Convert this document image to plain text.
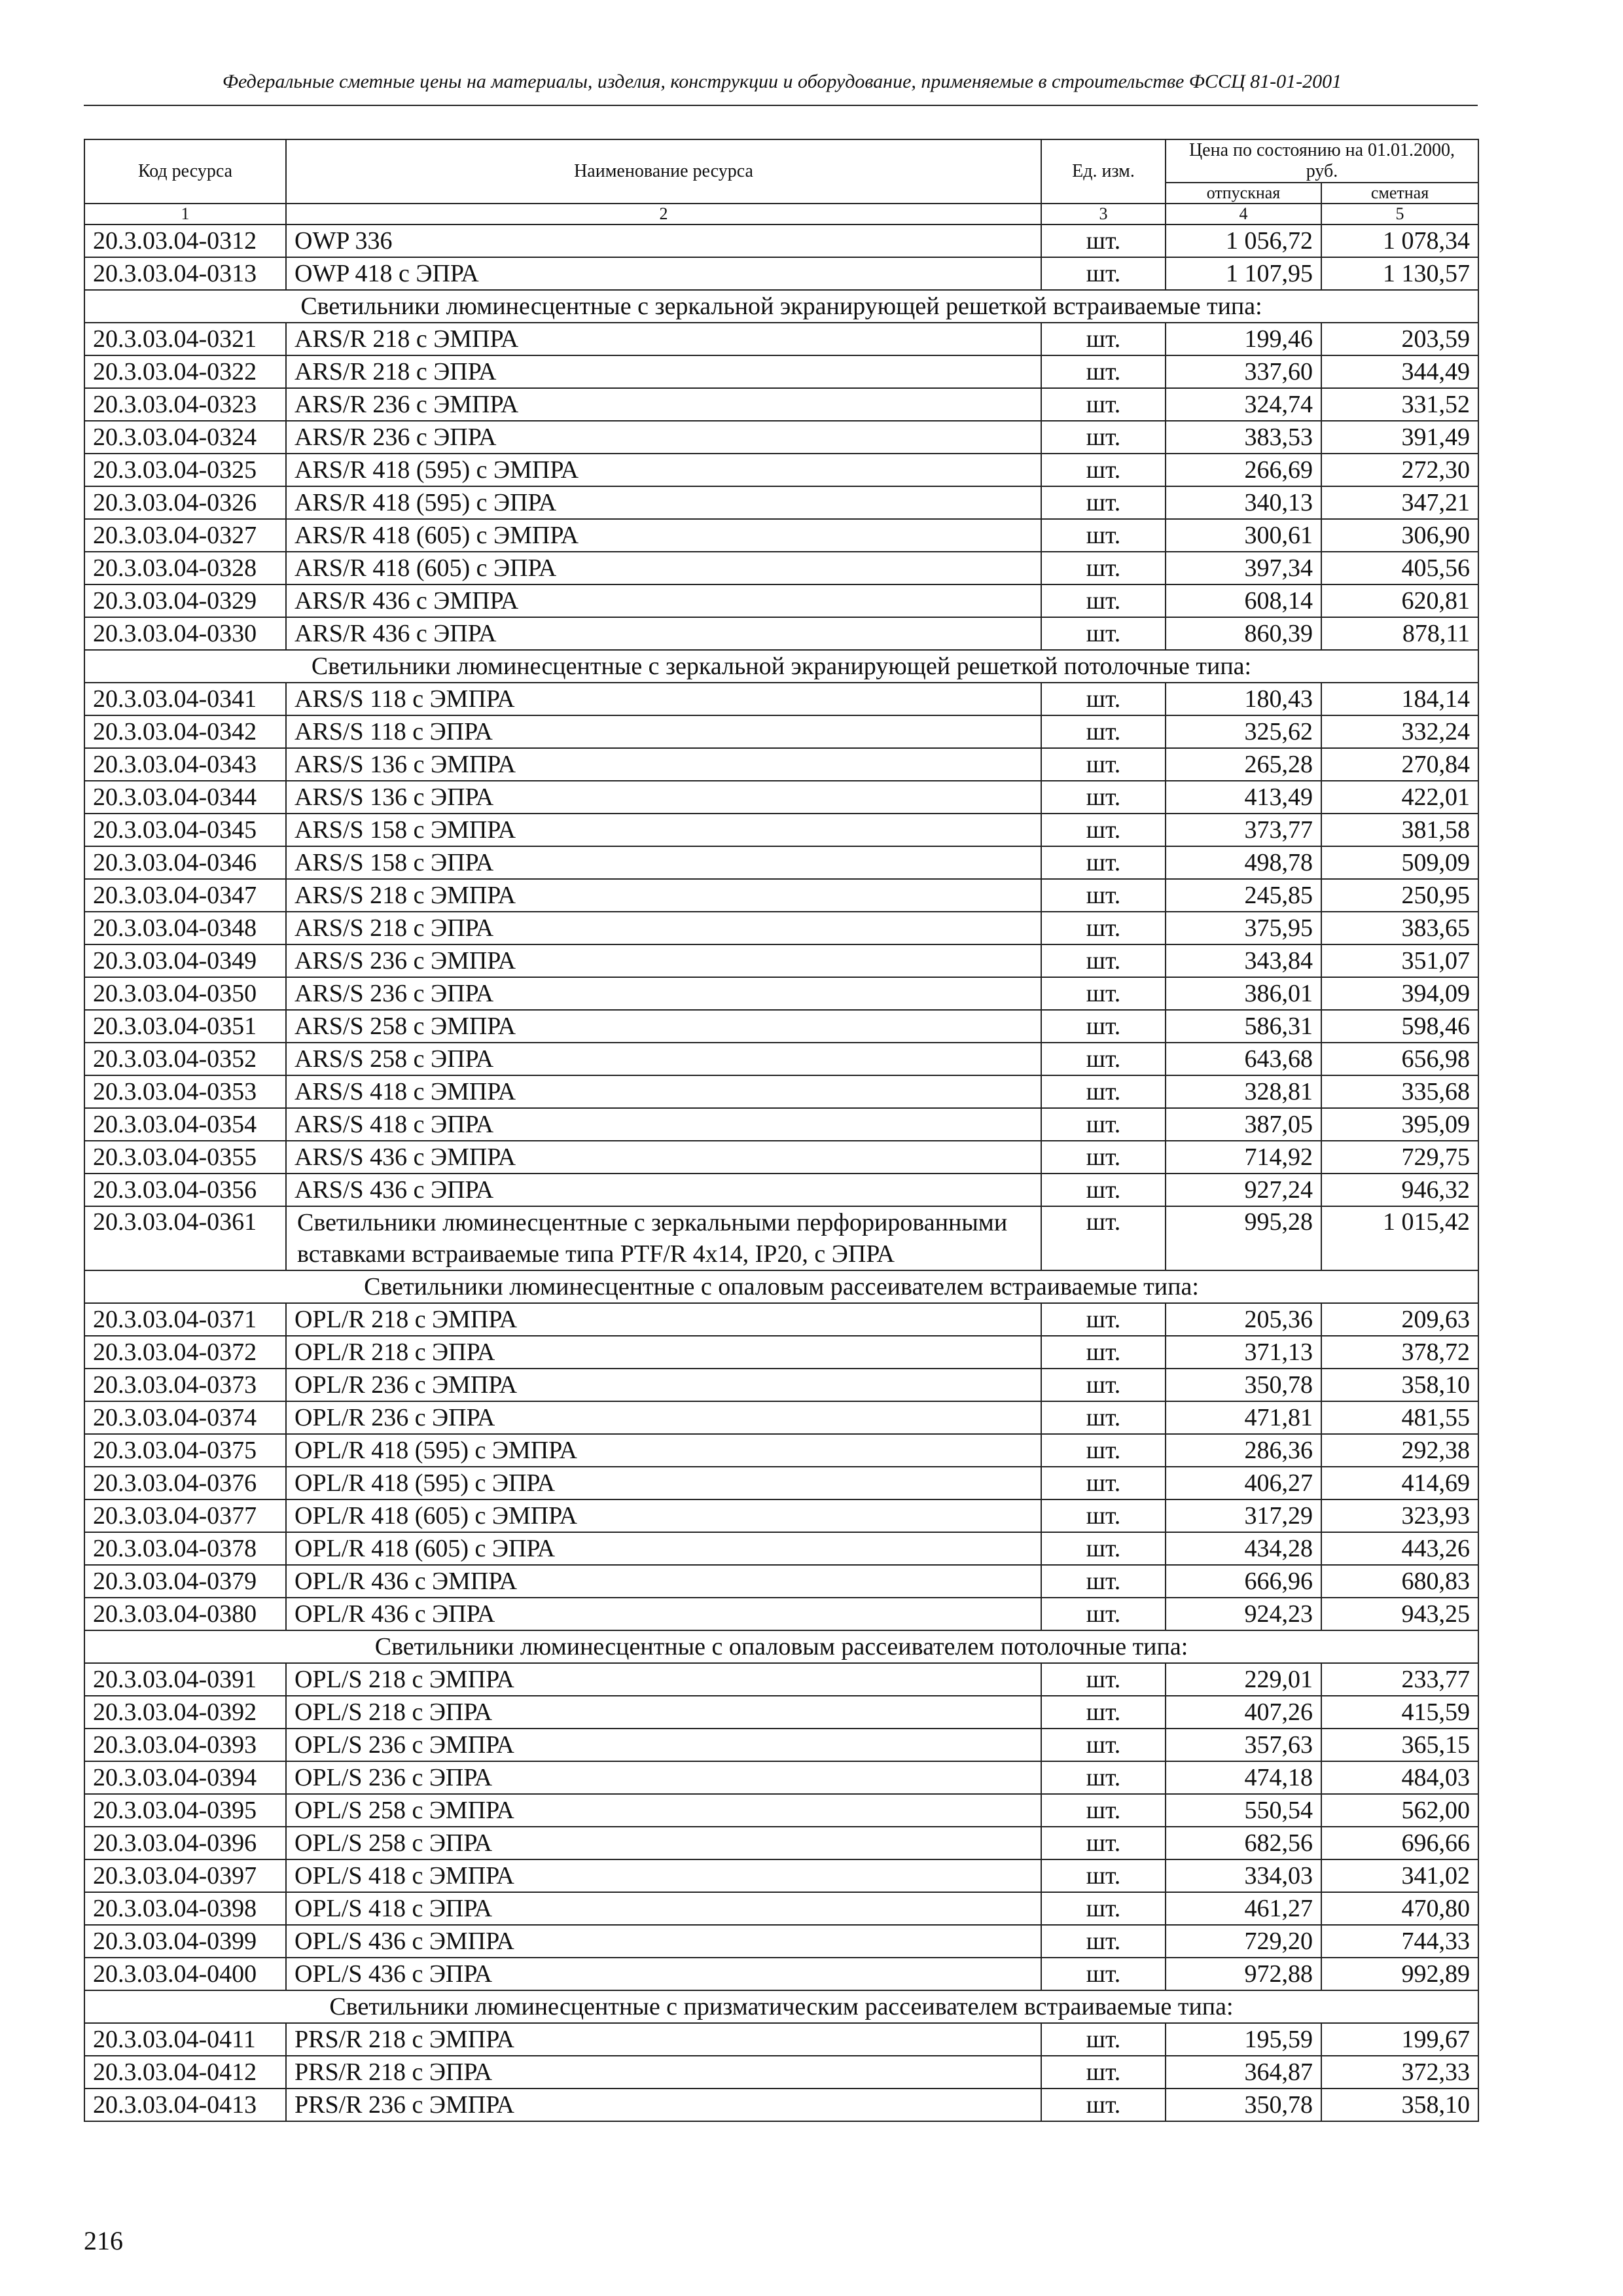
Федеральные сметные цены на материалы, изделия, конструкции и оборудование, применяемые в строительстве ФССЦ 81-01-2001
Код ресурса	Наименование ресурса	Ед. изм.	Цена по состоянию на 01.01.2000, руб.	
			отпускная	сметная
1	2	3	4	5
20.3.03.04-0312	OWP 336	шт.	1 056,72	1 078,34
20.3.03.04-0313	OWP 418 с ЭПРА	шт.	1 107,95	1 130,57
Светильники люминесцентные с зеркальной экранирующей решеткой встраиваемые типа:				
20.3.03.04-0321	ARS/R 218 с ЭМПРА	шт.	199,46	203,59
20.3.03.04-0322	ARS/R 218 с ЭПРА	шт.	337,60	344,49
20.3.03.04-0323	ARS/R 236 с ЭМПРА	шт.	324,74	331,52
20.3.03.04-0324	ARS/R 236 с ЭПРА	шт.	383,53	391,49
20.3.03.04-0325	ARS/R 418 (595) с ЭМПРА	шт.	266,69	272,30
20.3.03.04-0326	ARS/R 418 (595) с ЭПРА	шт.	340,13	347,21
20.3.03.04-0327	ARS/R 418 (605) с ЭМПРА	шт.	300,61	306,90
20.3.03.04-0328	ARS/R 418 (605) с ЭПРА	шт.	397,34	405,56
20.3.03.04-0329	ARS/R 436 с ЭМПРА	шт.	608,14	620,81
20.3.03.04-0330	ARS/R 436 с ЭПРА	шт.	860,39	878,11
Светильники люминесцентные с зеркальной экранирующей решеткой потолочные типа:				
20.3.03.04-0341	ARS/S 118 с ЭМПРА	шт.	180,43	184,14
20.3.03.04-0342	ARS/S 118 с ЭПРА	шт.	325,62	332,24
20.3.03.04-0343	ARS/S 136 с ЭМПРА	шт.	265,28	270,84
20.3.03.04-0344	ARS/S 136 с ЭПРА	шт.	413,49	422,01
20.3.03.04-0345	ARS/S 158 с ЭМПРА	шт.	373,77	381,58
20.3.03.04-0346	ARS/S 158 с ЭПРА	шт.	498,78	509,09
20.3.03.04-0347	ARS/S 218 с ЭМПРА	шт.	245,85	250,95
20.3.03.04-0348	ARS/S 218 с ЭПРА	шт.	375,95	383,65
20.3.03.04-0349	ARS/S 236 с ЭМПРА	шт.	343,84	351,07
20.3.03.04-0350	ARS/S 236 с ЭПРА	шт.	386,01	394,09
20.3.03.04-0351	ARS/S 258 с ЭМПРА	шт.	586,31	598,46
20.3.03.04-0352	ARS/S 258 с ЭПРА	шт.	643,68	656,98
20.3.03.04-0353	ARS/S 418 с ЭМПРА	шт.	328,81	335,68
20.3.03.04-0354	ARS/S 418 с ЭПРА	шт.	387,05	395,09
20.3.03.04-0355	ARS/S 436 с ЭМПРА	шт.	714,92	729,75
20.3.03.04-0356	ARS/S 436 с ЭПРА	шт.	927,24	946,32
20.3.03.04-0361	Светильники люминесцентные с зеркальными перфорированными вставками встраиваемые типа PTF/R 4х14, IP20, с ЭПРА	шт.	995,28	1 015,42
Светильники люминесцентные с опаловым рассеивателем встраиваемые типа:				
20.3.03.04-0371	OPL/R 218 с ЭМПРА	шт.	205,36	209,63
20.3.03.04-0372	OPL/R 218 с ЭПРА	шт.	371,13	378,72
20.3.03.04-0373	OPL/R 236 с ЭМПРА	шт.	350,78	358,10
20.3.03.04-0374	OPL/R 236 с ЭПРА	шт.	471,81	481,55
20.3.03.04-0375	OPL/R 418 (595) с ЭМПРА	шт.	286,36	292,38
20.3.03.04-0376	OPL/R 418 (595) с ЭПРА	шт.	406,27	414,69
20.3.03.04-0377	OPL/R 418 (605) с ЭМПРА	шт.	317,29	323,93
20.3.03.04-0378	OPL/R 418 (605) с ЭПРА	шт.	434,28	443,26
20.3.03.04-0379	OPL/R 436 с ЭМПРА	шт.	666,96	680,83
20.3.03.04-0380	OPL/R 436 с ЭПРА	шт.	924,23	943,25
Светильники люминесцентные с опаловым рассеивателем потолочные типа:				
20.3.03.04-0391	OPL/S 218 с ЭМПРА	шт.	229,01	233,77
20.3.03.04-0392	OPL/S 218 с ЭПРА	шт.	407,26	415,59
20.3.03.04-0393	OPL/S 236 с ЭМПРА	шт.	357,63	365,15
20.3.03.04-0394	OPL/S 236 с ЭПРА	шт.	474,18	484,03
20.3.03.04-0395	OPL/S 258 с ЭМПРА	шт.	550,54	562,00
20.3.03.04-0396	OPL/S 258 с ЭПРА	шт.	682,56	696,66
20.3.03.04-0397	OPL/S 418 с ЭМПРА	шт.	334,03	341,02
20.3.03.04-0398	OPL/S 418 с ЭПРА	шт.	461,27	470,80
20.3.03.04-0399	OPL/S 436 с ЭМПРА	шт.	729,20	744,33
20.3.03.04-0400	OPL/S 436 с ЭПРА	шт.	972,88	992,89
Светильники люминесцентные с призматическим рассеивателем встраиваемые типа:				
20.3.03.04-0411	PRS/R 218 с ЭМПРА	шт.	195,59	199,67
20.3.03.04-0412	PRS/R 218 с ЭПРА	шт.	364,87	372,33
20.3.03.04-0413	PRS/R 236 с ЭМПРА	шт.	350,78	358,10
216
